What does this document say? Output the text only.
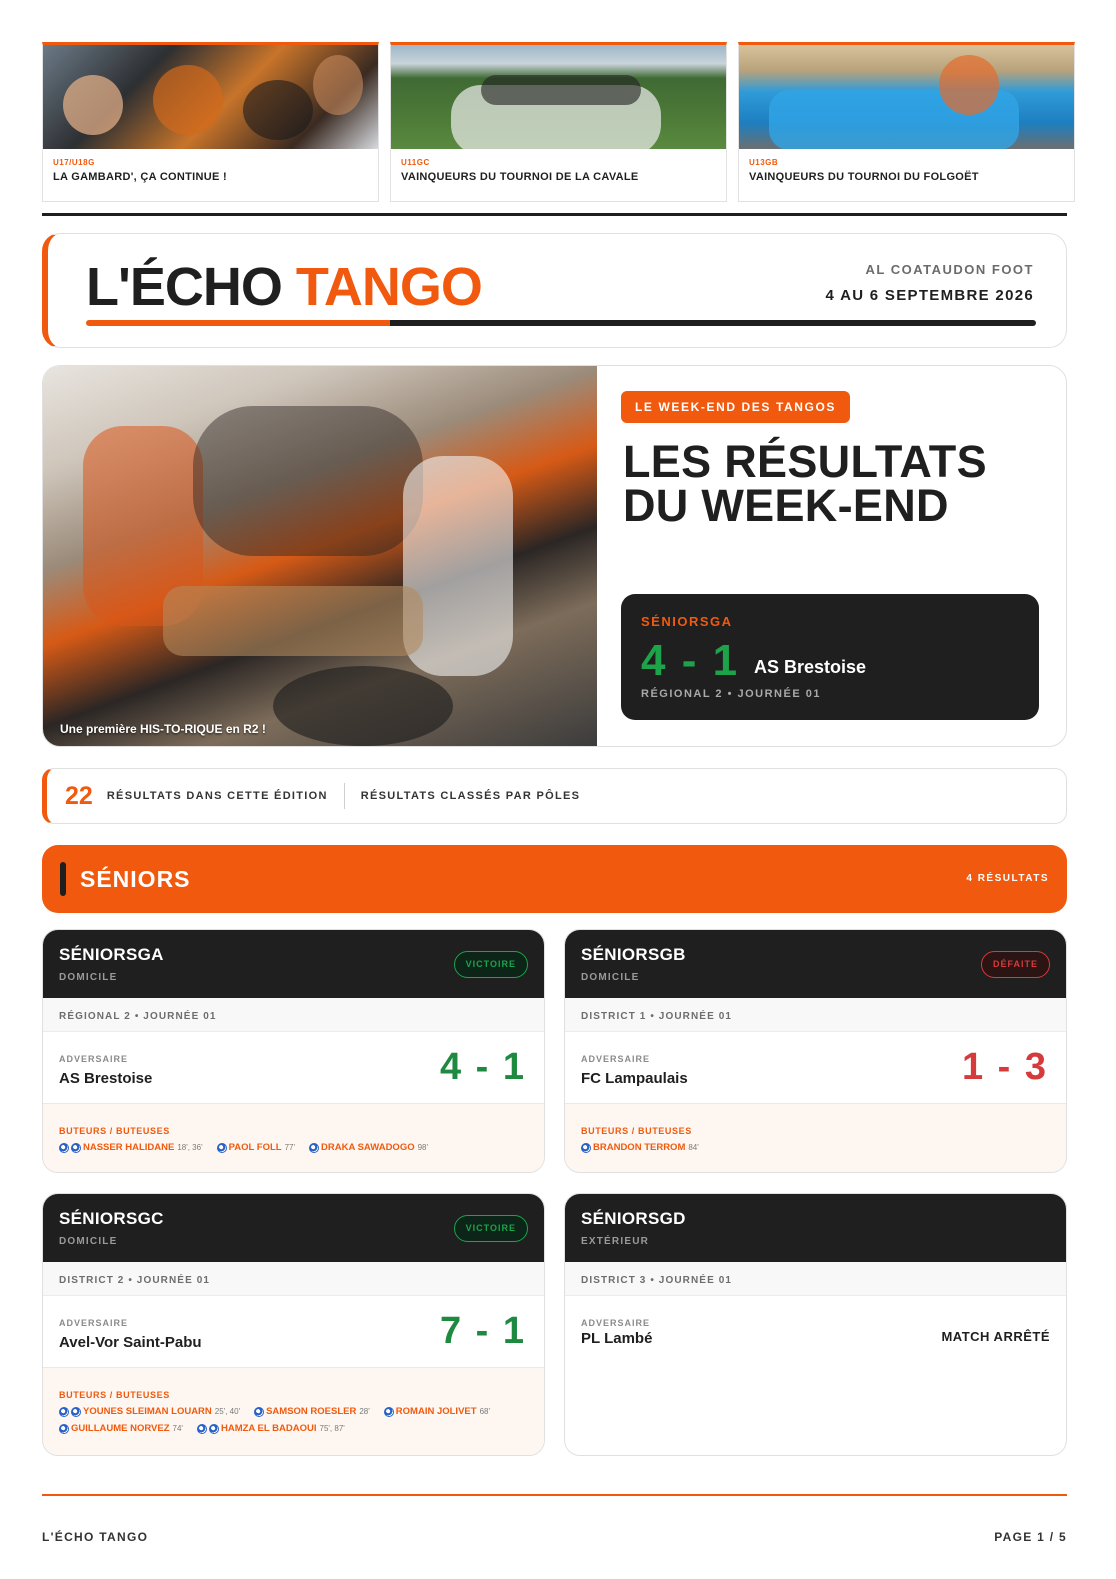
U17/U18G
LA GAMBARD', ÇA CONTINUE !
U11GC
VAINQUEURS DU TOURNOI DE LA CAVALE
U13GB
VAINQUEURS DU TOURNOI DU FOLGOËT
L'ÉCHO TANGO	AL COATAUDON FOOT
4 AU 6 SEPTEMBRE 2026
Une première HIS-TO-RIQUE en R2 !
LE WEEK-END DES TANGOS
LES RÉSULTATS
DU WEEK-END
SÉNIORSGA
4 - 1 AS Brestoise
RÉGIONAL 2 • JOURNÉE 01
22 RÉSULTATS DANS CETTE ÉDITION	RÉSULTATS CLASSÉS PAR PÔLES
SÉNIORS	4 RÉSULTATS
SÉNIORSGA
DOMICILE
VICTOIRE
RÉGIONAL 2 • JOURNÉE 01
ADVERSAIRE
AS Brestoise	4 - 1
BUTEURS / BUTEUSES
NASSER HALIDANE 18', 36'	PAOL FOLL 77'	DRAKA SAWADOGO 98'
SÉNIORSGB
DOMICILE
DÉFAITE
DISTRICT 1 • JOURNÉE 01
ADVERSAIRE
FC Lampaulais	1 - 3
BUTEURS / BUTEUSES
BRANDON TERROM 84'
SÉNIORSGC
DOMICILE
VICTOIRE
DISTRICT 2 • JOURNÉE 01
ADVERSAIRE
Avel-Vor Saint-Pabu	7 - 1
BUTEURS / BUTEUSES
YOUNES SLEIMAN LOUARN 25', 40'	SAMSON ROESLER 28'	ROMAIN JOLIVET 68'
GUILLAUME NORVEZ 74'	HAMZA EL BADAOUI 75', 87'
SÉNIORSGD
EXTÉRIEUR
DISTRICT 3 • JOURNÉE 01
ADVERSAIRE
PL Lambé	MATCH ARRÊTÉ
L'ÉCHO TANGO	PAGE 1 / 5
